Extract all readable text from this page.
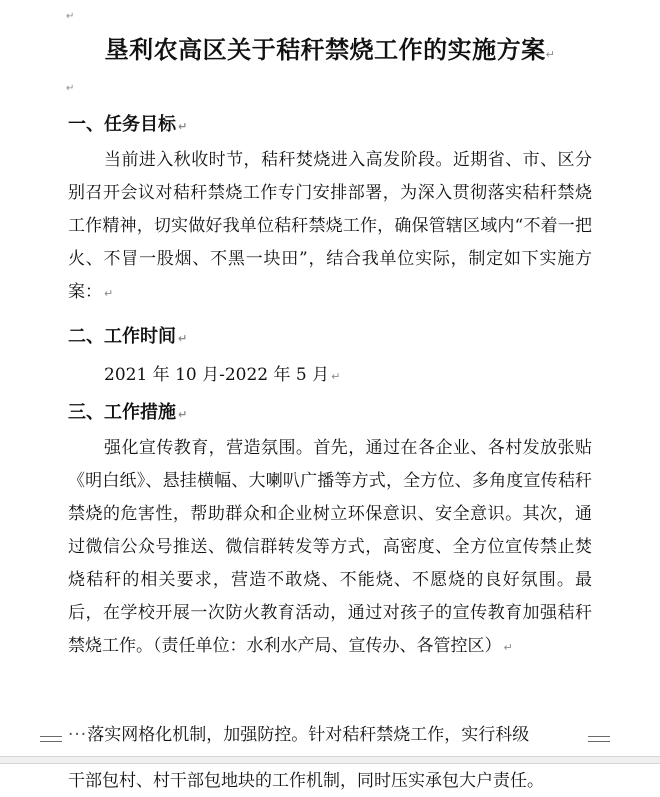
↵
垦利农高区关于秸秆禁烧工作的实施方案↵
↵
一、任务目标 ↵

当前进入秋收时节，秸秆焚烧进入高发阶段。近期省、市、区分别召开会议对秸秆禁烧工作专门安排部署，为深入贯彻落实秸秆禁烧工作精神，切实做好我单位秸秆禁烧工作，确保管辖区域内“不着一把火、不冒一股烟、不黑一块田”，结合我单位实际，制定如下实施方案： ↵

二、工作时间 ↵
2021 年 10 月-2022 年 5 月 ↵
三、工作措施 ↵

强化宣传教育，营造氛围。首先，通过在各企业、各村发放张贴《明白纸》、悬挂横幅、大喇叭广播等方式，全方位、多角度宣传秸秆禁烧的危害性，帮助群众和企业树立环保意识、安全意识。其次，通过微信公众号推送、微信群转发等方式，高密度、全方位宣传禁止焚烧秸秆的相关要求，营造不敢烧、不能烧、不愿烧的良好氛围。最后，在学校开展一次防火教育活动，通过对孩子的宣传教育加强秸秆禁烧工作。（责任单位：水利水产局、宣传办、各管控区） ↵

···落实网格化机制，加强防控。针对秸秆禁烧工作，实行科级
干部包村、村干部包地块的工作机制，同时压实承包大户责任。
